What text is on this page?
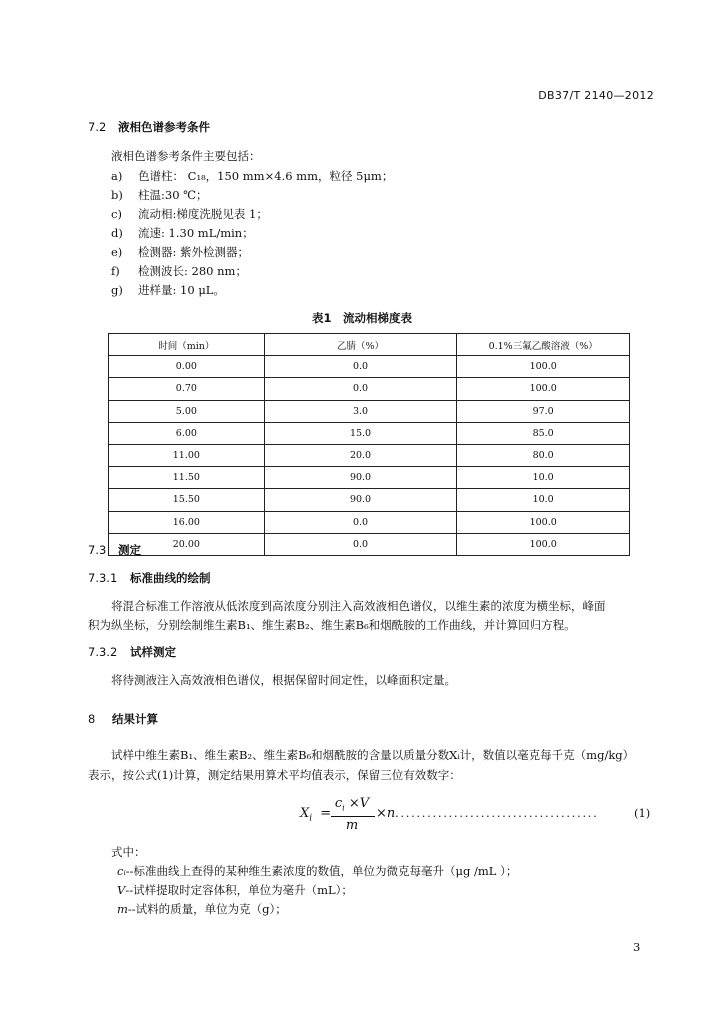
DB37/T 2140—2012
7.2 液相色谱参考条件
液相色谱参考条件主要包括：
a) 色谱柱： C₁₈，150 mm×4.6 mm，粒径 5μm；
b) 柱温:30 ℃；
c) 流动相:梯度洗脱见表 1；
d) 流速: 1.30 mL/min；
e) 检测器: 紫外检测器；
f) 检测波长: 280 nm；
g) 进样量: 10 μL。
表1　流动相梯度表
时间（min）	乙腈（%）	0.1%三氟乙酸溶液（%）
0.00	0.0	100.0
0.70	0.0	100.0
5.00	3.0	97.0
6.00	15.0	85.0
11.00	20.0	80.0
11.50	90.0	10.0
15.50	90.0	10.0
16.00	0.0	100.0
20.00	0.0	100.0
7.3 测定
7.3.1 标准曲线的绘制
将混合标准工作溶液从低浓度到高浓度分别注入高效液相色谱仪，以维生素的浓度为横坐标，峰面
积为纵坐标，分别绘制维生素B₁、维生素B₂、维生素B₆和烟酰胺的工作曲线，并计算回归方程。
7.3.2 试样测定
将待测液注入高效液相色谱仪，根据保留时间定性，以峰面积定量。
8 结果计算
试样中维生素B₁、维生素B₂、维生素B₆和烟酰胺的含量以质量分数Xᵢ计，数值以毫克每千克（mg/kg）
表示，按公式(1)计算，测定结果用算术平均值表示，保留三位有效数字：
$X_i$ =
$c_i \times V$
m
×n ......................................	(1)
式中：
cᵢ--标准曲线上查得的某种维生素浓度的数值，单位为微克每毫升（μg /mL ）；
V--试样提取时定容体积，单位为毫升（mL）；
m--试料的质量，单位为克（g）；
3
